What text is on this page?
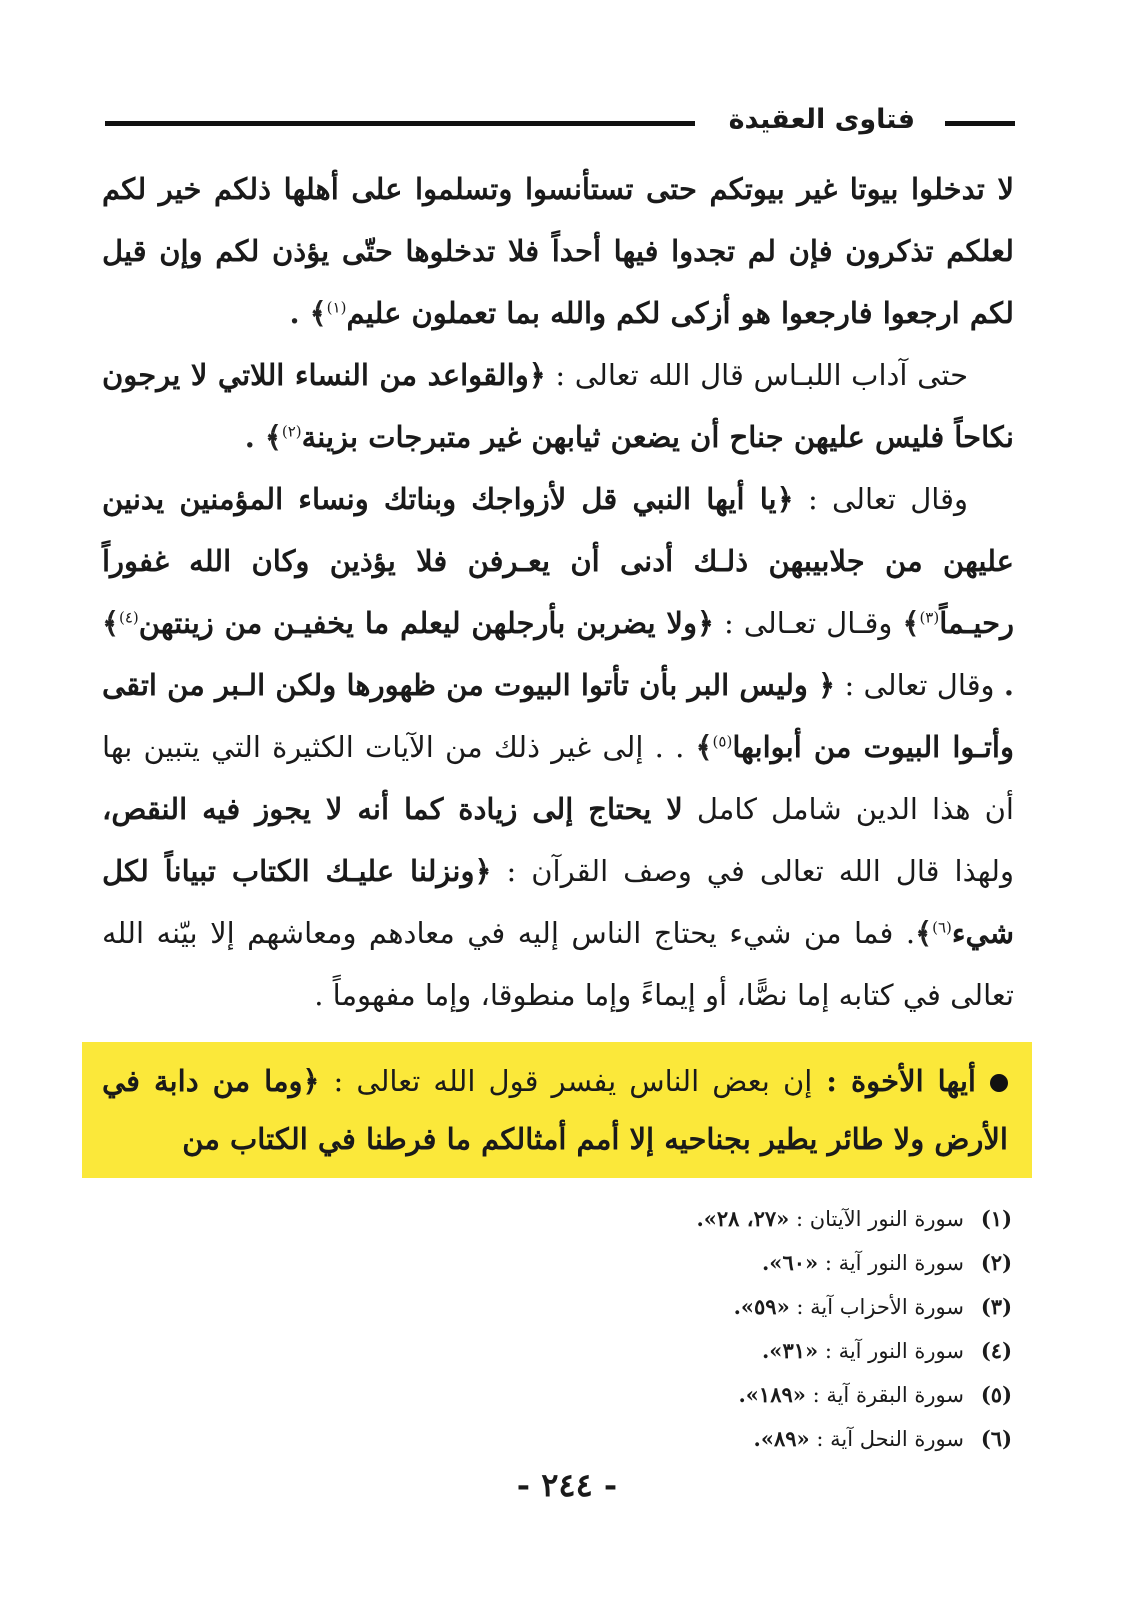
فتاوى العقيدة

لا تدخلوا بيوتا غير بيوتكم حتى تستأنسوا وتسلموا على أهلها ذلكم خير لكم لعلكم تذكرون فإن لم تجدوا فيها أحداً فلا تدخلوها حتّى يؤذن لكم وإن قيل لكم ارجعوا فارجعوا هو أزكى لكم والله بما تعملون عليم$^{(١)}$﴾ .

حتى آداب اللبـاس قال الله تعالى : ﴿والقواعد من النساء اللاتي لا يرجون نكاحاً فليس عليهن جناح أن يضعن ثيابهن غير متبرجات بزينة$^{(٢)}$﴾ .

وقال تعالى : ﴿يا أيها النبي قل لأزواجك وبناتك ونساء المؤمنين يدنين عليهن من جلابيبهن ذلـك أدنى أن يعـرفن فلا يؤذين وكان الله غفوراً رحيـماً$^{(٣)}$﴾ وقـال تعـالى : ﴿ولا يضربن بأرجلهن ليعلم ما يخفيـن من زينتهن$^{(٤)}$﴾ . وقال تعالى : ﴿ وليس البر بأن تأتوا البيوت من ظهورها ولكن الـبر من اتقى وأتـوا البيوت من أبوابها$^{(٥)}$﴾ . . إلى غير ذلك من الآيات الكثيرة التي يتبين بها أن هذا الدين شامل كامل لا يحتاج إلى زيادة كما أنه لا يجوز فيه النقص، ولهذا قال الله تعالى في وصف القرآن : ﴿ونزلنا عليـك الكتاب تبياناً لكل شيء$^{(٦)}$﴾. فما من شيء يحتاج الناس إليه في معادهم ومعاشهم إلا بيّنه الله تعالى في كتابه إما نصًّا، أو إيماءً وإما منطوقا، وإما مفهوماً .

أيها الأخوة : إن بعض الناس يفسر قول الله تعالى : ﴿وما من دابة في الأرض ولا طائر يطير بجناحيه إلا أمم أمثالكم ما فرطنا في الكتاب من
(١)سورة النور الآيتان : «٢٧، ٢٨».
(٢)سورة النور آية : «٦٠».
(٣)سورة الأحزاب آية : «٥٩».
(٤)سورة النور آية : «٣١».
(٥)سورة البقرة آية : «١٨٩».
(٦)سورة النحل آية : «٨٩».
- ٢٤٤ -
